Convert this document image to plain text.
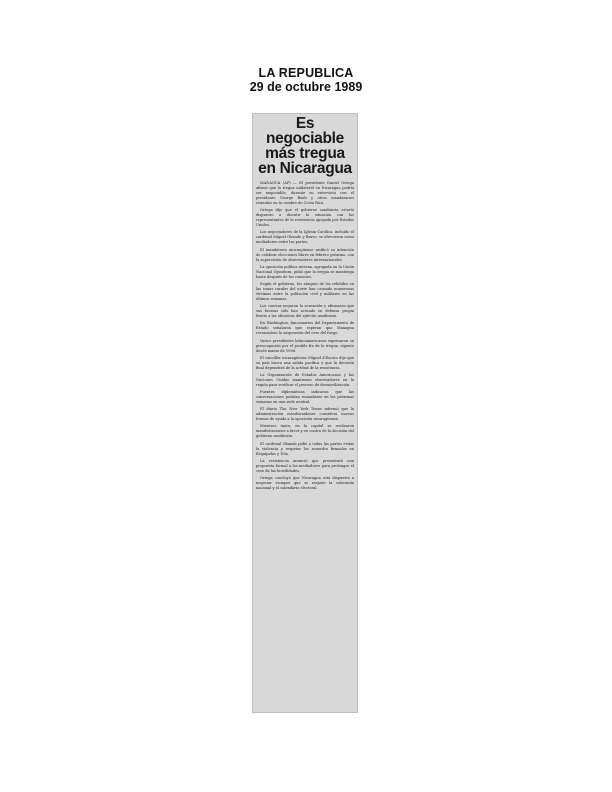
LA REPUBLICA
29 de octubre 1989
Es negociable
más tregua
en Nicaragua

MANAGUA (AP) — El presidente Daniel Ortega afirmó que la tregua unilateral en Nicaragua podría ser negociable, durante su entrevista con el presidente George Bush y otros mandatarios reunidos en la cumbre de Costa Rica.

Ortega dijo que el gobierno sandinista estaría dispuesto a discutir la situación con los representantes de la resistencia apoyada por Estados Unidos.

Los negociadores de la Iglesia Católica, incluido el cardenal Miguel Obando y Bravo, se ofrecieron como mediadores entre las partes.

El mandatario nicaragüense ratificó su intención de celebrar elecciones libres en febrero próximo, con la supervisión de observadores internacionales.

La oposición política interna, agrupada en la Unión Nacional Opositora, pidió que la tregua se mantenga hasta después de los comicios.

Según el gobierno, los ataques de los rebeldes en las zonas rurales del norte han causado numerosas víctimas entre la población civil y militares en las últimas semanas.

Los contras negaron la acusación y afirmaron que sus fuerzas sólo han actuado en defensa propia frente a las ofensivas del ejército sandinista.

En Washington, funcionarios del Departamento de Estado señalaron que esperan que Managua reconsidere la suspensión del cese del fuego.

Varios presidentes latinoamericanos expresaron su preocupación por el posible fin de la tregua, vigente desde marzo de 1988.

El canciller nicaragüense Miguel d'Escoto dijo que su país busca una salida pacífica y que la decisión final dependerá de la actitud de la resistencia.

La Organización de Estados Americanos y las Naciones Unidas mantienen observadores en la región para verificar el proceso de desmovilización.

Fuentes diplomáticas indicaron que las conversaciones podrían reanudarse en las próximas semanas en una sede neutral.

El diario The New York Times informó que la administración estadounidense considera nuevas formas de ayuda a la oposición nicaragüense.

Mientras tanto, en la capital se realizaron manifestaciones a favor y en contra de la decisión del gobierno sandinista.

El cardenal Obando pidió a todas las partes evitar la violencia y respetar los acuerdos firmados en Esquipulas y Tela.

La resistencia anunció que presentará una propuesta formal a los mediadores para prolongar el cese de las hostilidades.

Ortega concluyó que Nicaragua está dispuesta a negociar siempre que se respete la soberanía nacional y el calendario electoral.
